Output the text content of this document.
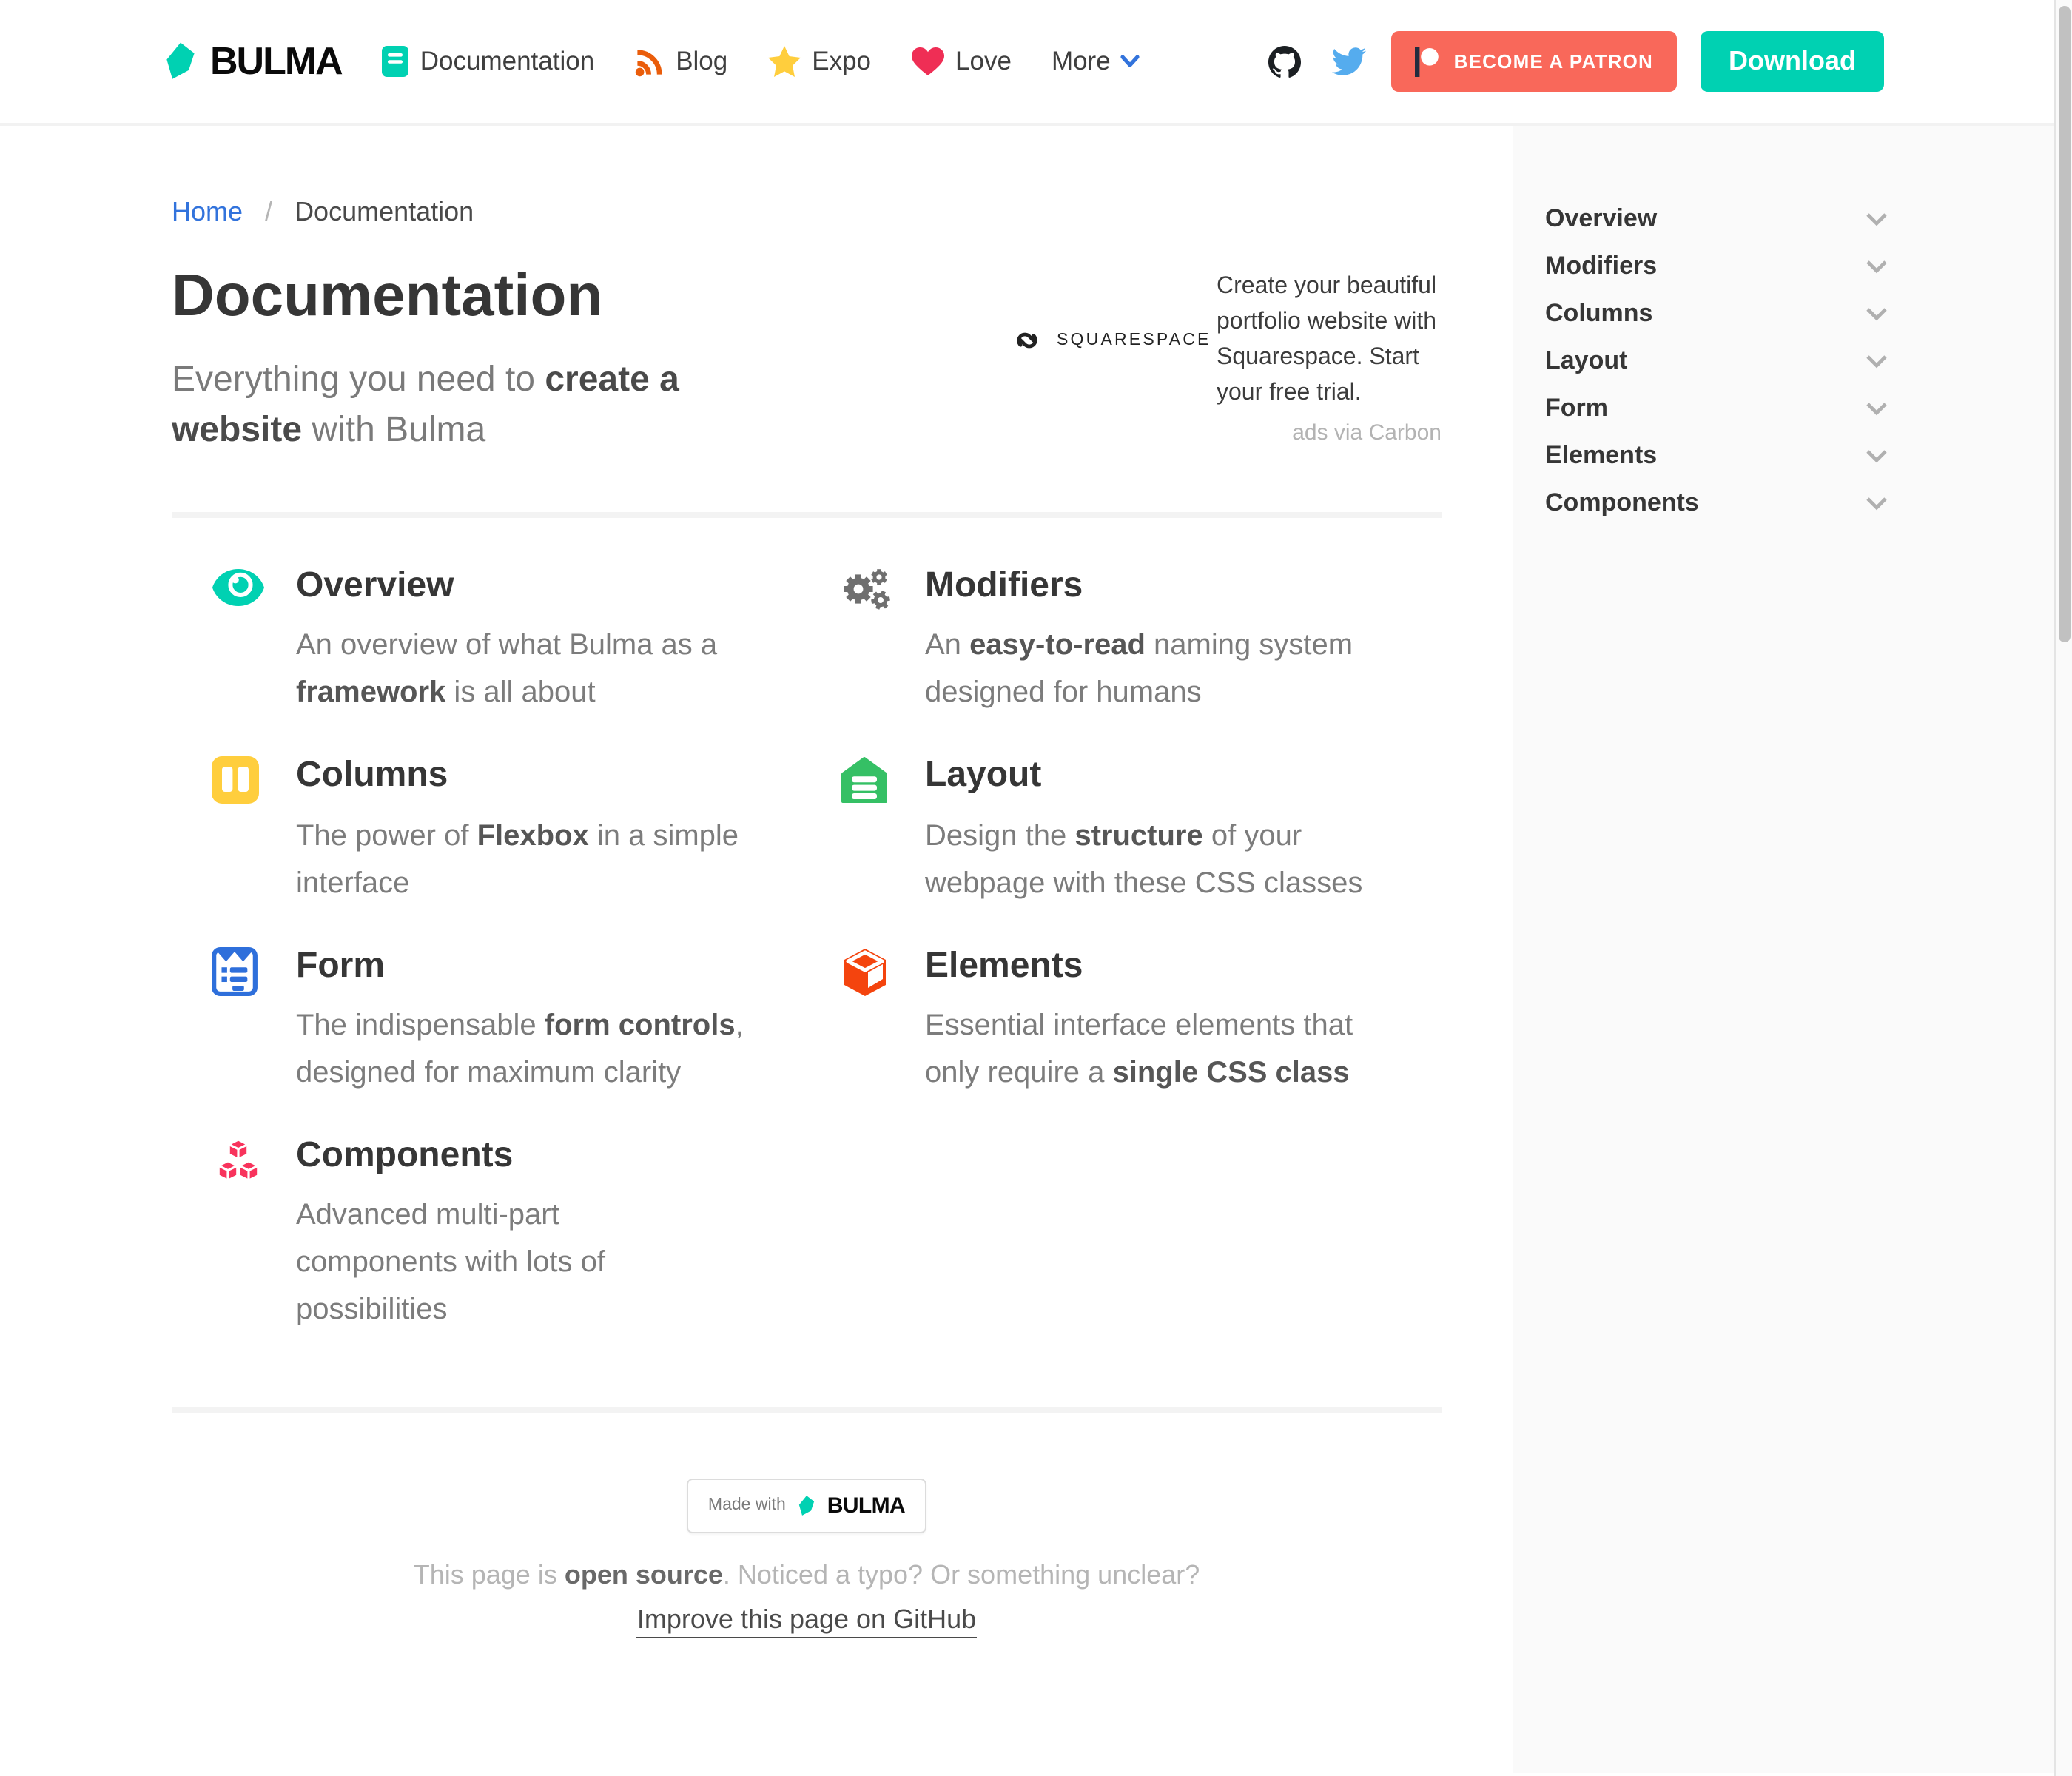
BULMA	Documentation	Blog	Expo	Love	More	BECOME A PATRON	Download
Home / Documentation
Documentation

Everything you need to create a website with Bulma

SQUARESPACE
Create your beautiful portfolio website with Squarespace. Start your free trial.
ads via Carbon
Overview
An overview of what Bulma as a framework is all about
Modifiers
An easy-to-read naming system designed for humans
Columns
The power of Flexbox in a simple interface
Layout
Design the structure of your webpage with these CSS classes
Form
The indispensable form controls, designed for maximum clarity
Elements
Essential interface elements that only require a single CSS class
Components
Advanced multi-part components with lots of possibilities
Made with	BULMA
This page is open source. Noticed a typo? Or something unclear?
Improve this page on GitHub
Overview
Modifiers
Columns
Layout
Form
Elements
Components
